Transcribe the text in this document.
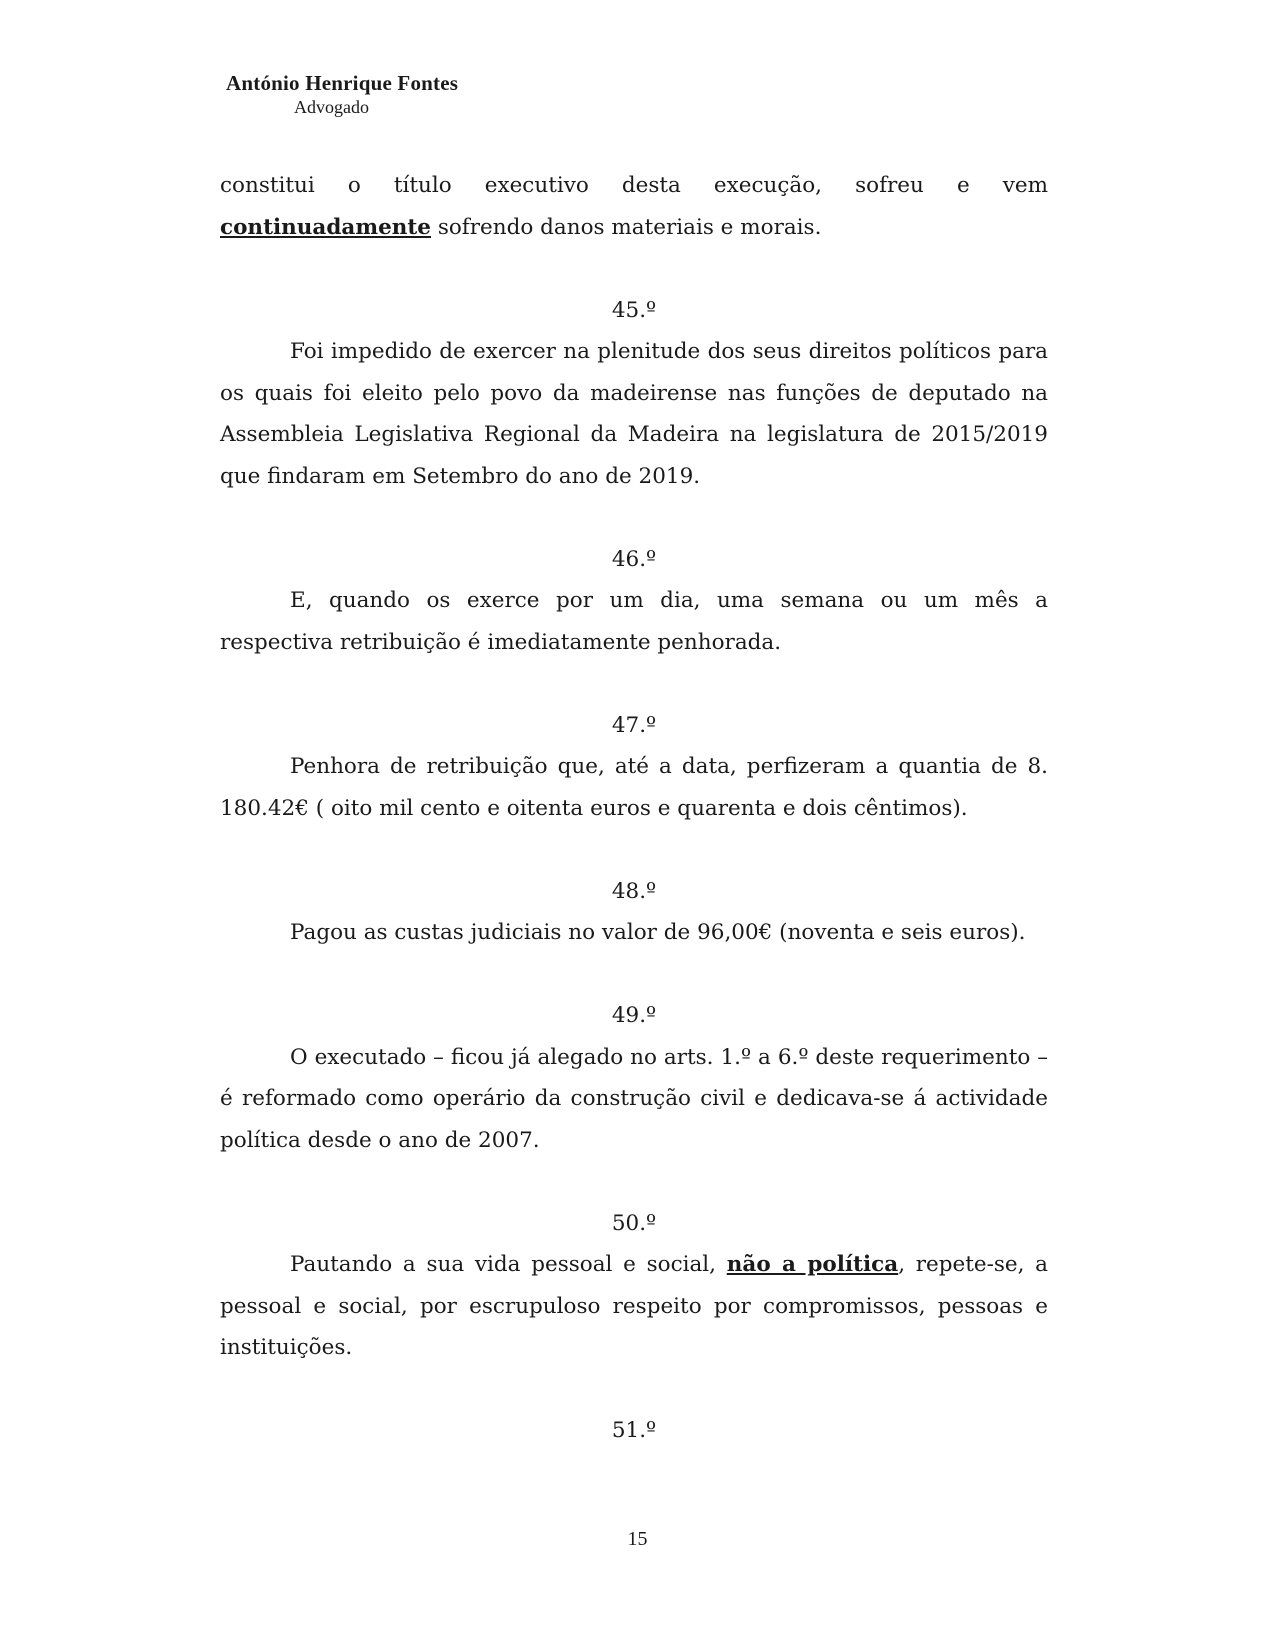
António Henrique Fontes
Advogado

constitui o título executivo desta execução, sofreu e vem continuadamente sofrendo danos materiais e morais.

45.º

Foi impedido de exercer na plenitude dos seus direitos políticos para os quais foi eleito pelo povo da madeirense nas funções de deputado na Assembleia Legislativa Regional da Madeira na legislatura de 2015/2019 que findaram em Setembro do ano de 2019.

46.º

E, quando os exerce por um dia, uma semana ou um mês a respectiva retribuição é imediatamente penhorada.

47.º

Penhora de retribuição que, até a data, perfizeram a quantia de 8. 180.42€ ( oito mil cento e oitenta euros e quarenta e dois cêntimos).

48.º

Pagou as custas judiciais no valor de 96,00€ (noventa e seis euros).

49.º

O executado – ficou já alegado no arts. 1.º a 6.º deste requerimento – é reformado como operário da construção civil e dedicava-se á actividade política desde o ano de 2007.

50.º

Pautando a sua vida pessoal e social, não a política, repete-se, a pessoal e social, por escrupuloso respeito por compromissos, pessoas e instituições.

51.º

15
